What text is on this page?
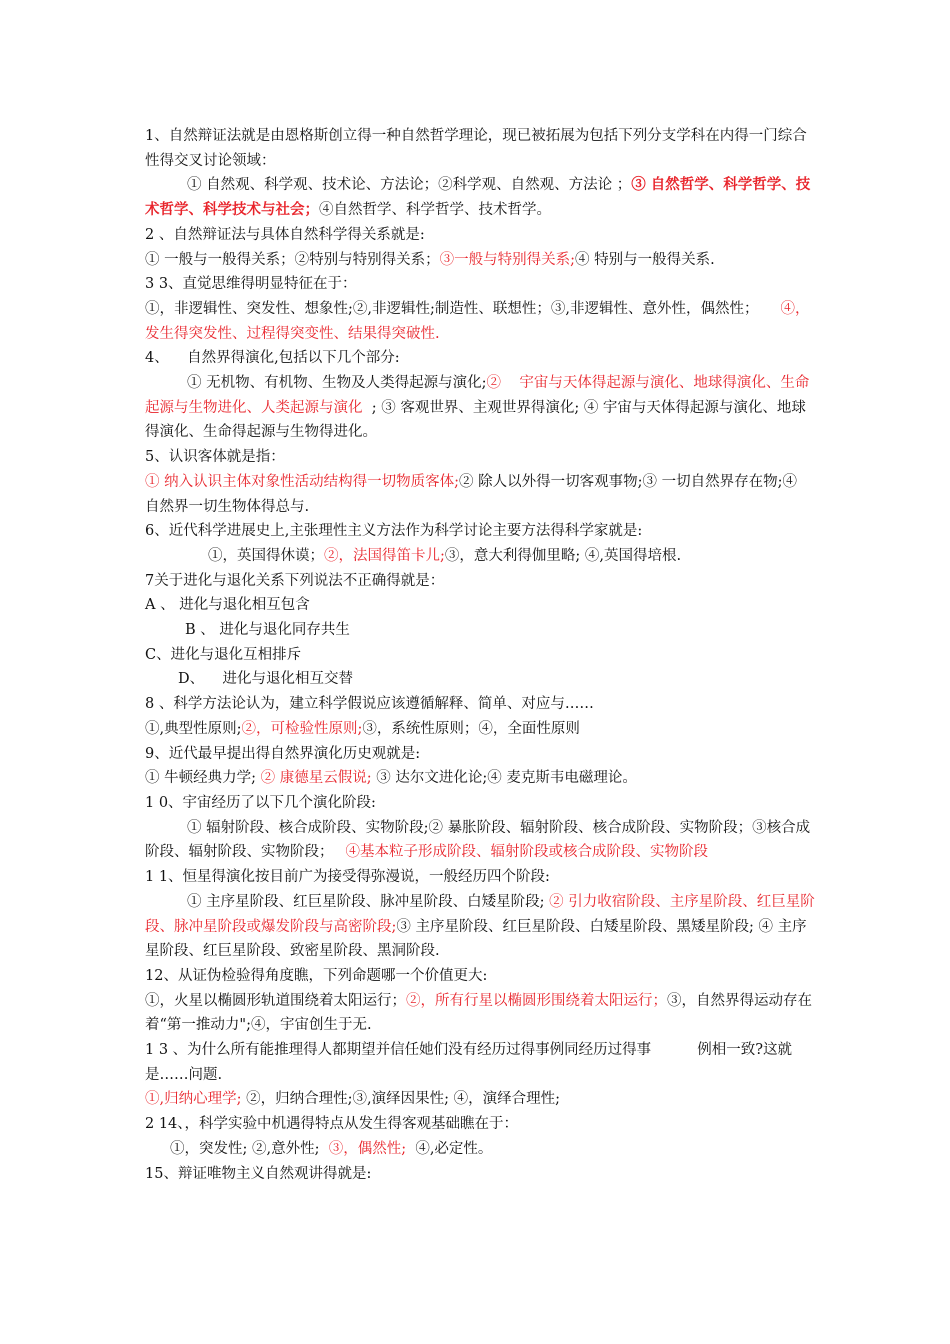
1、自然辩证法就是由恩格斯创立得一种自然哲学理论，现已被拓展为包括下列分支学科在内得一门综合性得交叉讨论领域：

① 自然观、科学观、技术论、方法论；②科学观、自然观、方法论 ；③ 自然哲学、科学哲学、技术哲学、科学技术与社会；④自然哲学、科学哲学、技术哲学。

2 、自然辩证法与具体自然科学得关系就是:

① 一般与一般得关系；②特别与特别得关系；③一般与特别得关系;④ 特别与一般得关系.

3 3、直觉思维得明显特征在于：

①，非逻辑性、突发性、想象性;②,非逻辑性;制造性、联想性；③,非逻辑性、意外性，偶然性； ④，发生得突发性、过程得突变性、结果得突破性.

4、    自然界得演化,包括以下几个部分:

① 无机物、有机物、生物及人类得起源与演化;②    宇宙与天体得起源与演化、地球得演化、生命起源与生物进化、人类起源与演化  ; ③ 客观世界、主观世界得演化; ④ 宇宙与天体得起源与演化、地球得演化、生命得起源与生物得进化。

5、认识客体就是指：

① 纳入认识主体对象性活动结构得一切物质客体;② 除人以外得一切客观事物;③ 一切自然界存在物;④ 自然界一切生物体得总与.

6、近代科学进展史上,主张理性主义方法作为科学讨论主要方法得科学家就是:

①，英国得休谟；②，法国得笛卡儿;③，意大利得伽里略; ④,英国得培根.

7关于进化与退化关系下列说法不正确得就是：

A 、 进化与退化相互包含

B 、 进化与退化同存共生

C、进化与退化互相排斥

D、    进化与退化相互交替

8 、科学方法论认为，建立科学假说应该遵循解释、简单、对应与……

①,典型性原则;②，可检验性原则;③，系统性原则；④，全面性原则

9、近代最早提出得自然界演化历史观就是:

① 牛顿经典力学; ② 康德星云假说; ③ 达尔文进化论;④ 麦克斯韦电磁理论。

1 0、宇宙经历了以下几个演化阶段:

① 辐射阶段、核合成阶段、实物阶段;② 暴胀阶段、辐射阶段、核合成阶段、实物阶段；③核合成阶段、辐射阶段、实物阶段； ④基本粒子形成阶段、辐射阶段或核合成阶段、实物阶段

1 1、恒星得演化按目前广为接受得弥漫说，一般经历四个阶段:

① 主序星阶段、红巨星阶段、脉冲星阶段、白矮星阶段; ② 引力收宿阶段、主序星阶段、红巨星阶段、脉冲星阶段或爆发阶段与高密阶段;③ 主序星阶段、红巨星阶段、白矮星阶段、黑矮星阶段; ④ 主序星阶段、红巨星阶段、致密星阶段、黑洞阶段.

12、从证伪检验得角度瞧，下列命题哪一个价值更大:

①，火星以椭圆形轨道围绕着太阳运行；②，所有行星以椭圆形围绕着太阳运行；③，自然界得运动存在着“第一推动力";④，宇宙创生于无.

1 3 、为什么所有能推理得人都期望并信任她们没有经历过得事例同经历过得事          例相一致?这就是……问题.

①,归纳心理学; ②，归纳合理性;③,演绎因果性; ④，演绎合理性;

2 14、，科学实验中机遇得特点从发生得客观基础瞧在于：

①，突发性; ②,意外性;  ③，偶然性;  ④,必定性。

15、辩证唯物主义自然观讲得就是:
